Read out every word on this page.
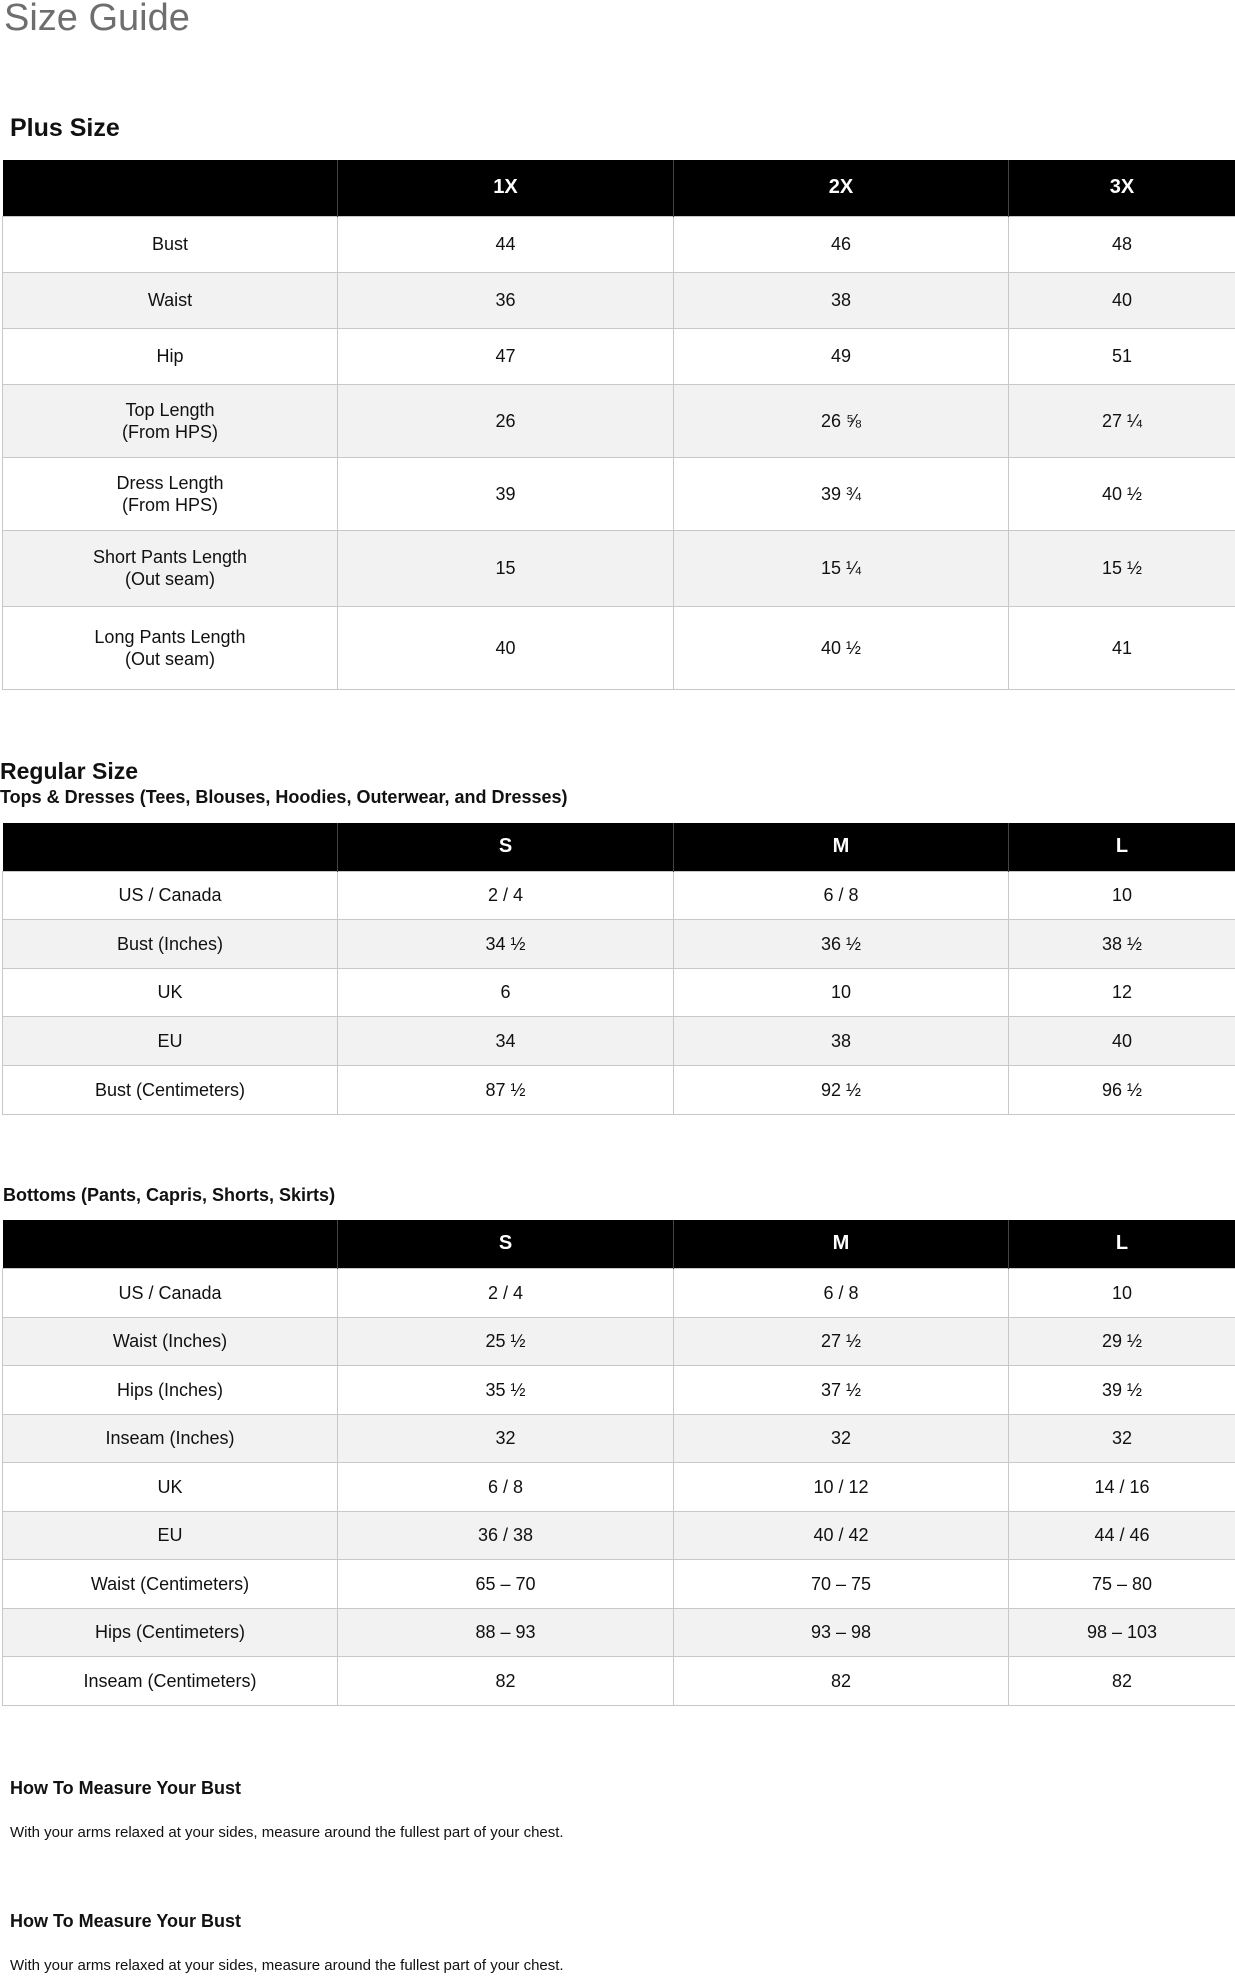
Size Guide
Plus Size
	1X	2X	3X
Bust	44	46	48
Waist	36	38	40
Hip	47	49	51
Top Length
(From HPS)	26	26 ⅝	27 ¼
Dress Length
(From HPS)	39	39 ¾	40 ½
Short Pants Length
(Out seam)	15	15 ¼	15 ½
Long Pants Length
(Out seam)	40	40 ½	41
Regular Size

Tops & Dresses (Tees, Blouses, Hoodies, Outerwear, and Dresses)

	S	M	L
US / Canada	2 / 4	6 / 8	10
Bust (Inches)	34 ½	36 ½	38 ½
UK	6	10	12
EU	34	38	40
Bust (Centimeters)	87 ½	92 ½	96 ½

Bottoms (Pants, Capris, Shorts, Skirts)

	S	M	L
US / Canada	2 / 4	6 / 8	10
Waist (Inches)	25 ½	27 ½	29 ½
Hips (Inches)	35 ½	37 ½	39 ½
Inseam (Inches)	32	32	32
UK	6 / 8	10 / 12	14 / 16
EU	36 / 38	40 / 42	44 / 46
Waist (Centimeters)	65 – 70	70 – 75	75 – 80
Hips (Centimeters)	88 – 93	93 – 98	98 – 103
Inseam (Centimeters)	82	82	82
How To Measure Your Bust

With your arms relaxed at your sides, measure around the fullest part of your chest.

How To Measure Your Bust

With your arms relaxed at your sides, measure around the fullest part of your chest.
